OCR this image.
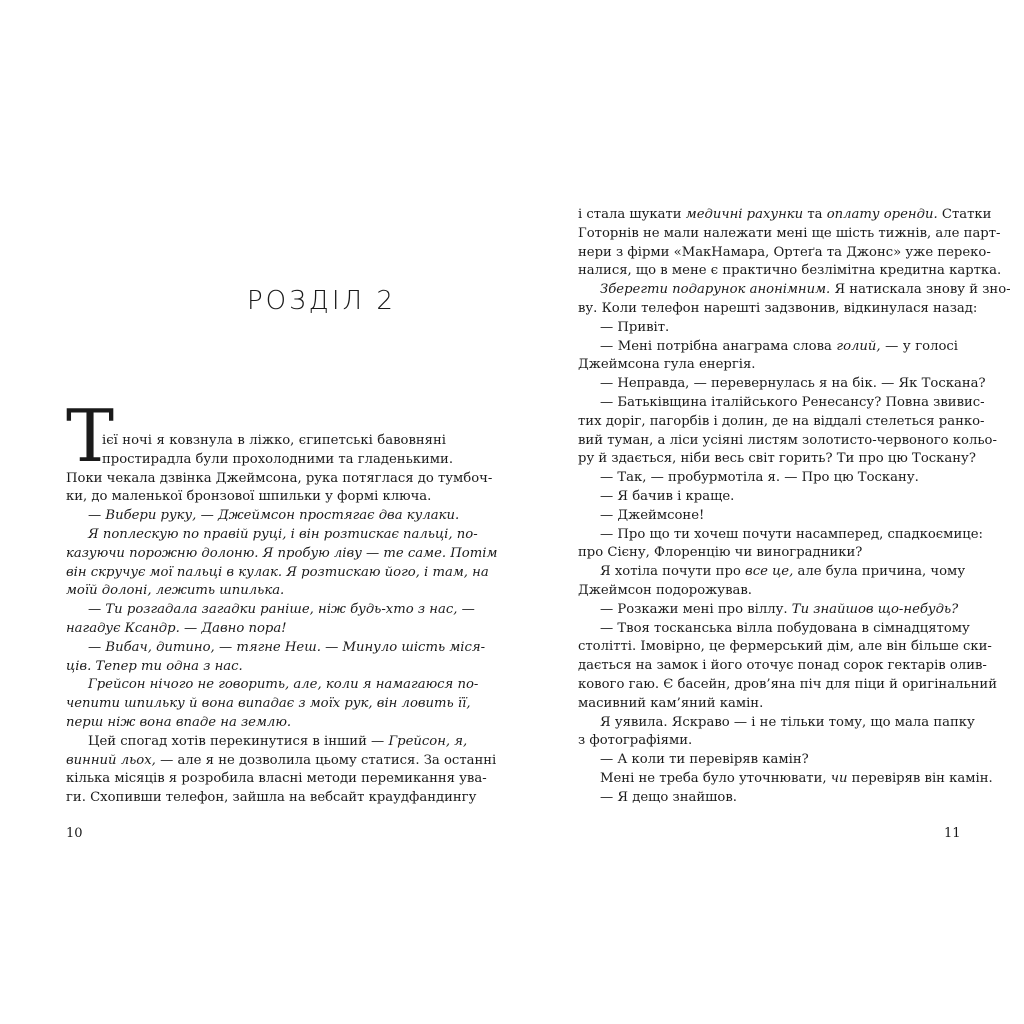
Т
ієї ночі я ковзнула в ліжко, єгипетські бавовняні
простирадла були прохолодними та гладенькими.
Поки чекала дзвінка Джеймсона, рука потяглася до тумбоч-
ки, до маленької бронзової шпильки у формі ключа.
— Вибери руку, — Джеймсон простягає два кулаки.
Я поплескую по правій руці, і він розтискає пальці, по-
казуючи порожню долоню. Я пробую ліву — те саме. Потім
він скручує мої пальці в кулак. Я розтискаю його, і там, на
моїй долоні, лежить шпилька.
— Ти розгадала загадки раніше, ніж будь-хто з нас, —
нагадує Ксандр. — Давно пора!
— Вибач, дитино, — тягне Неш. — Минуло шість міся-
ців. Тепер ти одна з нас.
Грейсон нічого не говорить, але, коли я намагаюся по-
чепити шпильку й вона випадає з моїх рук, він ловить її,
перш ніж вона впаде на землю.
Цей спогад хотів перекинутися в інший — Грейсон, я,
винний льох, — але я не дозволила цьому статися. За останні
кілька місяців я розробила власні методи перемикання ува-
ги. Схопивши телефон, зайшла на вебсайт краудфандингу
РОЗДІЛ 2
і стала шукати медичні рахунки та оплату оренди. Статки
Готорнів не мали належати мені ще шість тижнів, але парт-
нери з фірми «МакНамара, Ортеґа та Джонс» уже переко-
налися, що в мене є практично безлімітна кредитна картка.
Зберегти подарунок анонімним. Я натискала знову й зно-
ву. Коли телефон нарешті задзвонив, відкинулася назад:
— Привіт.
— Мені потрібна анаграма слова голий, — у голосі
Джеймсона гула енергія.
— Неправда, — перевернулась я на бік. — Як Тоскана?
— Батьківщина італійського Ренесансу? Повна звивис-
тих доріг, пагорбів і долин, де на віддалі стелеться ранко-
вий туман, а ліси усіяні листям золотисто-червоного кольо-
ру й здається, ніби весь світ горить? Ти про цю Тоскану?
— Так, — пробурмотіла я. — Про цю Тоскану.
— Я бачив і краще.
— Джеймсоне!
— Про що ти хочеш почути насамперед, спадкоємице:
про Сієну, Флоренцію чи виноградники?
Я хотіла почути про все це, але була причина, чому
Джеймсон подорожував.
— Розкажи мені про віллу. Ти знайшов що-небудь?
— Твоя тосканська вілла побудована в сімнадцятому
столітті. Імовірно, це фермерський дім, але він більше ски-
дається на замок і його оточує понад сорок гектарів олив-
кового гаю. Є басейн, дров’яна піч для піци й оригінальний
масивний кам’яний камін.
Я уявила. Яскраво — і не тільки тому, що мала папку
з фотографіями.
— А коли ти перевіряв камін?
Мені не треба було уточнювати, чи перевіряв він камін.
— Я дещо знайшов.
10	11
